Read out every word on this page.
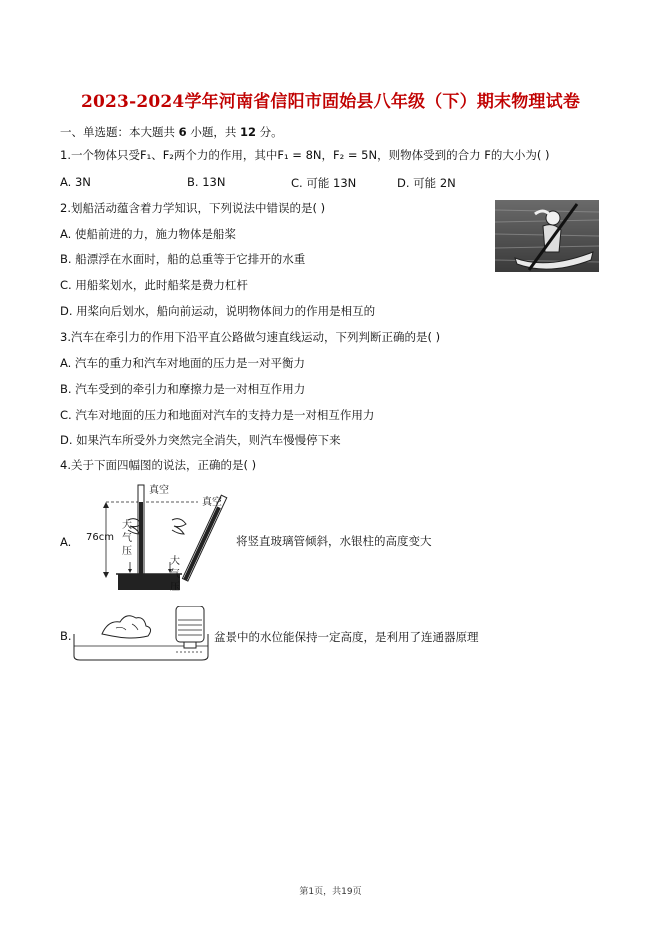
2023-2024学年河南省信阳市固始县八年级（下）期末物理试卷
一、单选题：本大题共 6 小题，共 12 分。
1.一个物体只受F₁、F₂两个力的作用，其中F₁ = 8N，F₂ = 5N，则物体受到的合力 F的大小为( )
A. 3N	B. 13N	C. 可能 13N	D. 可能 2N
2.划船活动蕴含着力学知识，下列说法中错误的是( )
A. 使船前进的力，施力物体是船桨
B. 船漂浮在水面时，船的总重等于它排开的水重
C. 用船桨划水，此时船桨是费力杠杆
D. 用桨向后划水，船向前运动，说明物体间力的作用是相互的
3.汽车在牵引力的作用下沿平直公路做匀速直线运动，下列判断正确的是( )
A. 汽车的重力和汽车对地面的压力是一对平衡力
B. 汽车受到的牵引力和摩擦力是一对相互作用力
C. 汽车对地面的压力和地面对汽车的支持力是一对相互作用力
D. 如果汽车所受外力突然完全消失，则汽车慢慢停下来
4.关于下面四幅图的说法，正确的是( )
A.	将竖直玻璃管倾斜，水银柱的高度变大
真空
真空
76cm
大
气
压
大
气
压
B.	盆景中的水位能保持一定高度，是利用了连通器原理
第1页，共19页
